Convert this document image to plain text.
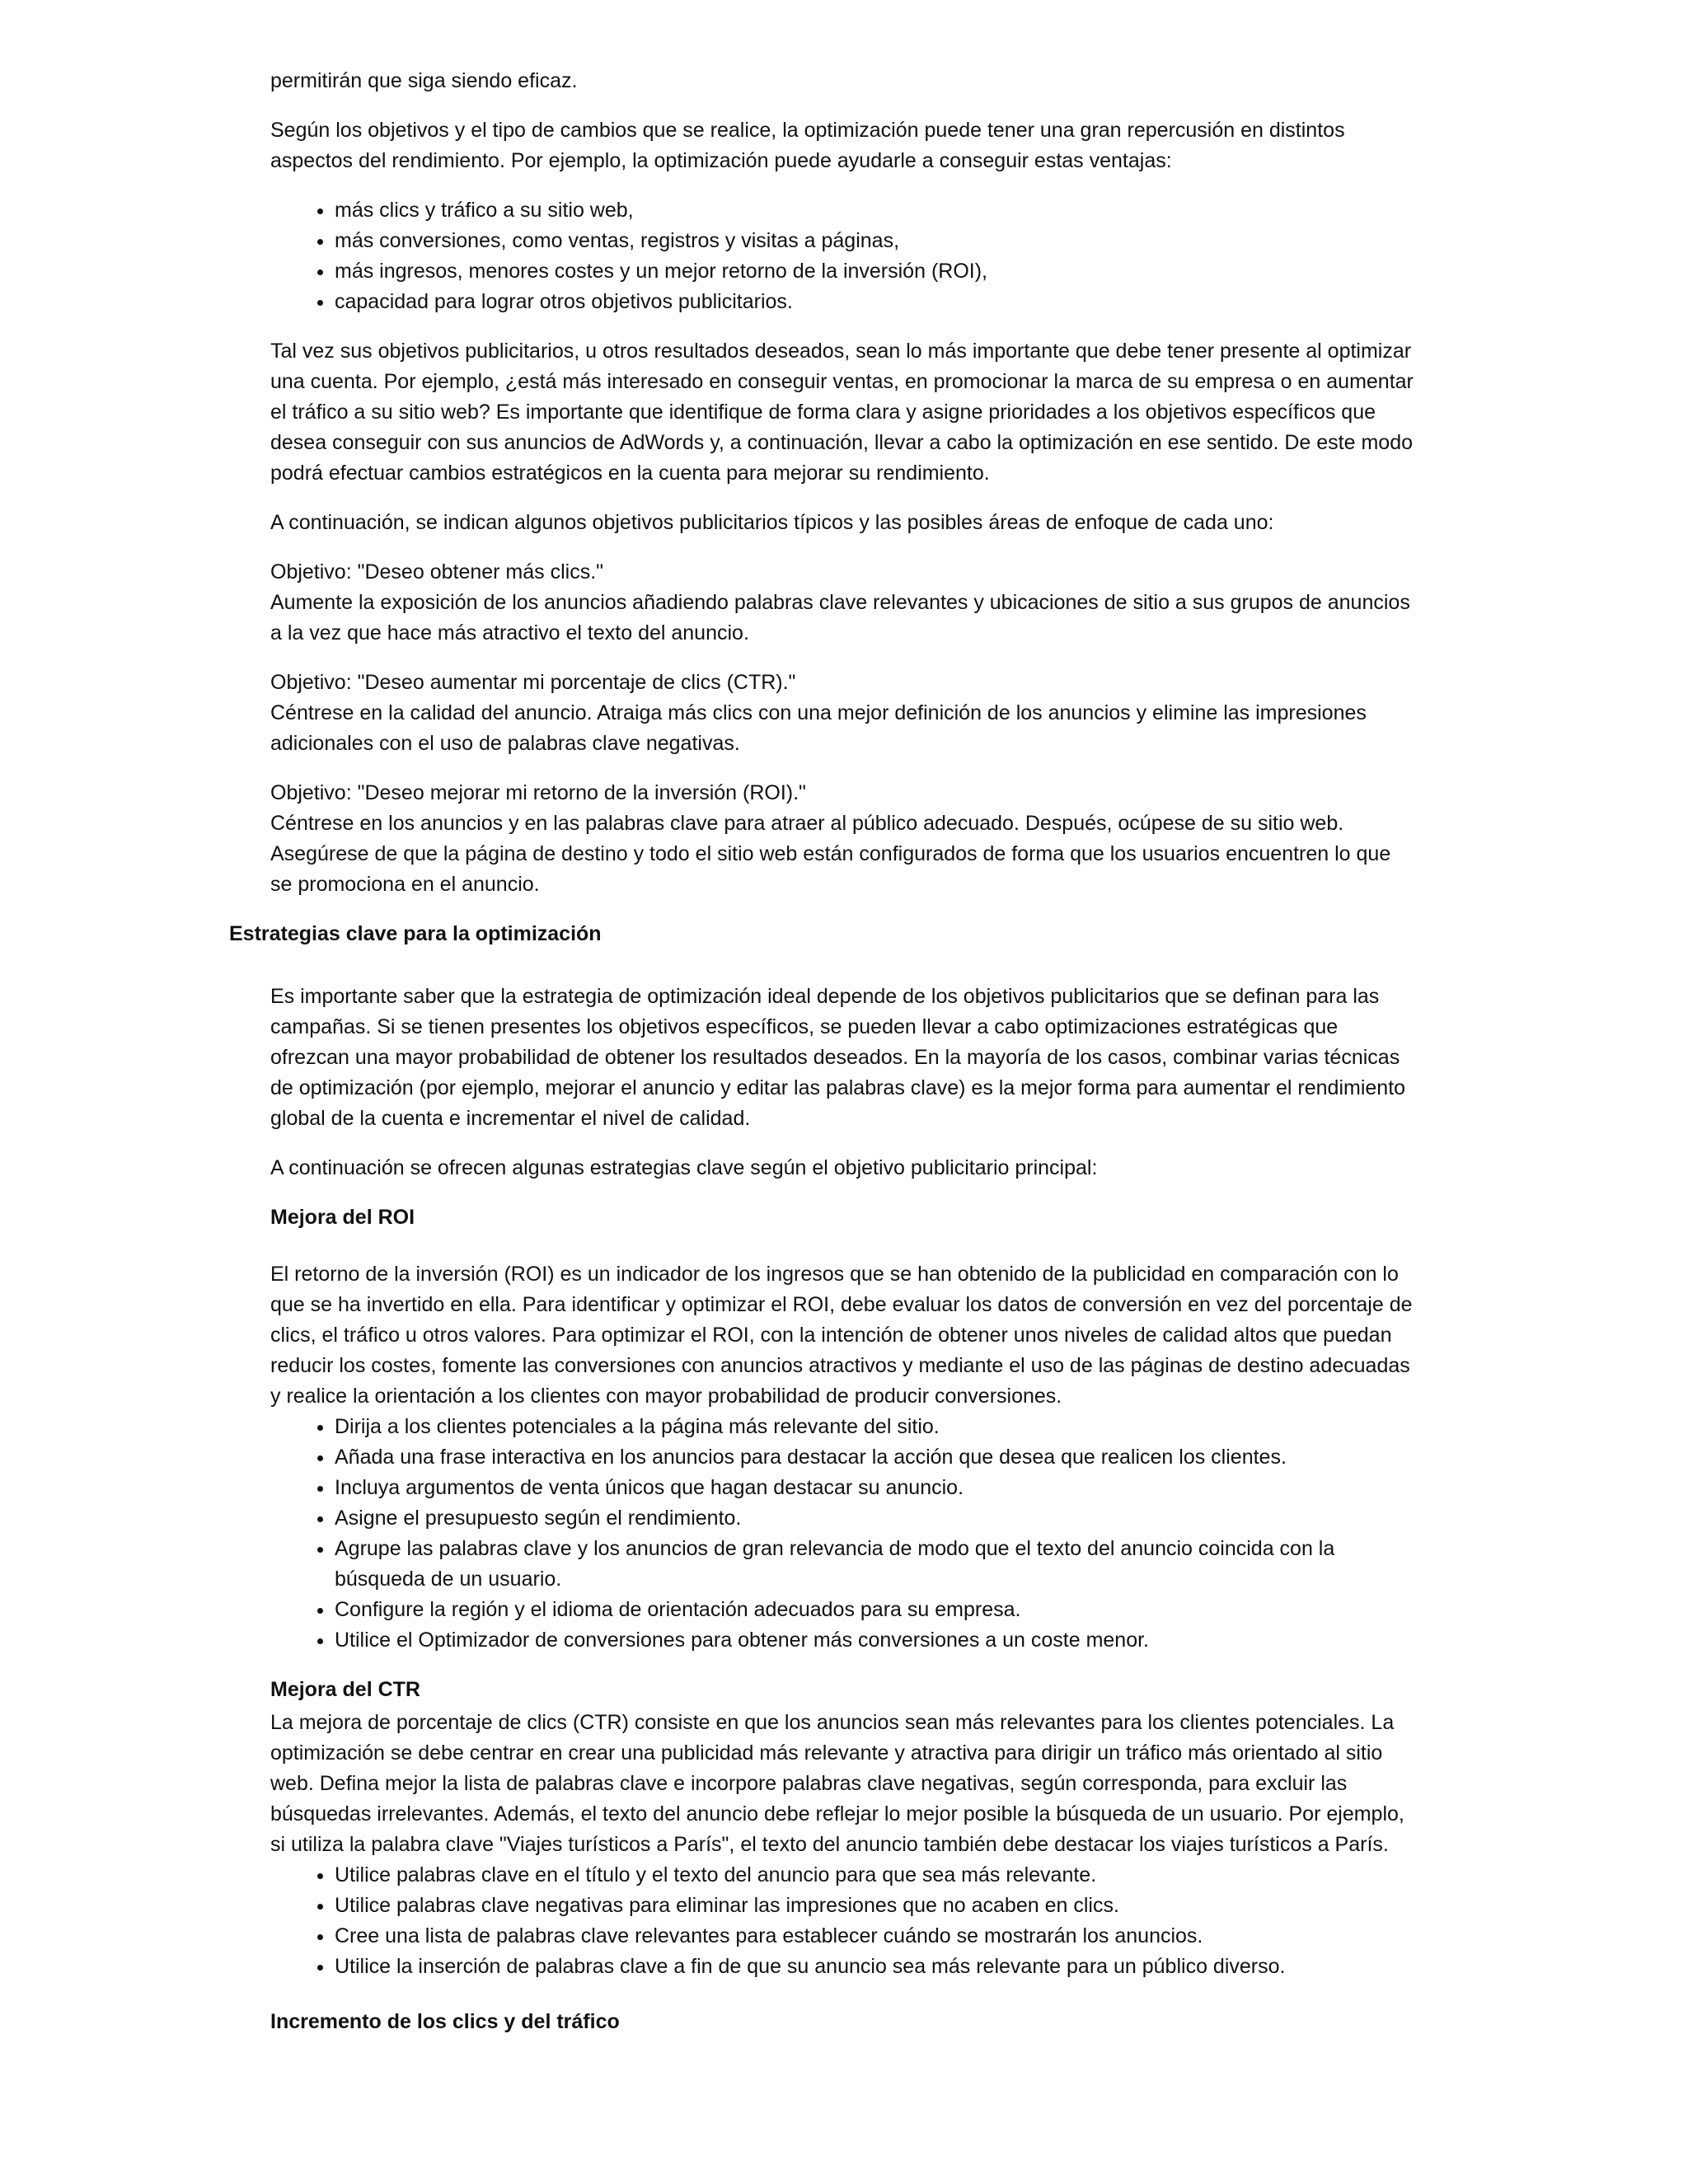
permitirán que siga siendo eficaz.

Según los objetivos y el tipo de cambios que se realice, la optimización puede tener una gran repercusión en distintos aspectos del rendimiento. Por ejemplo, la optimización puede ayudarle a conseguir estas ventajas:

• más clics y tráfico a su sitio web,
• más conversiones, como ventas, registros y visitas a páginas,
• más ingresos, menores costes y un mejor retorno de la inversión (ROI),
• capacidad para lograr otros objetivos publicitarios.

Tal vez sus objetivos publicitarios, u otros resultados deseados, sean lo más importante que debe tener presente al optimizar una cuenta. Por ejemplo, ¿está más interesado en conseguir ventas, en promocionar la marca de su empresa o en aumentar el tráfico a su sitio web? Es importante que identifique de forma clara y asigne prioridades a los objetivos específicos que desea conseguir con sus anuncios de AdWords y, a continuación, llevar a cabo la optimización en ese sentido. De este modo podrá efectuar cambios estratégicos en la cuenta para mejorar su rendimiento.

A continuación, se indican algunos objetivos publicitarios típicos y las posibles áreas de enfoque de cada uno:

Objetivo: "Deseo obtener más clics."
Aumente la exposición de los anuncios añadiendo palabras clave relevantes y ubicaciones de sitio a sus grupos de anuncios a la vez que hace más atractivo el texto del anuncio.

Objetivo: "Deseo aumentar mi porcentaje de clics (CTR)."
Céntrese en la calidad del anuncio. Atraiga más clics con una mejor definición de los anuncios y elimine las impresiones adicionales con el uso de palabras clave negativas.

Objetivo: "Deseo mejorar mi retorno de la inversión (ROI)."
Céntrese en los anuncios y en las palabras clave para atraer al público adecuado. Después, ocúpese de su sitio web. Asegúrese de que la página de destino y todo el sitio web están configurados de forma que los usuarios encuentren lo que se promociona en el anuncio.

Estrategias clave para la optimización

Es importante saber que la estrategia de optimización ideal depende de los objetivos publicitarios que se definan para las campañas. Si se tienen presentes los objetivos específicos, se pueden llevar a cabo optimizaciones estratégicas que ofrezcan una mayor probabilidad de obtener los resultados deseados. En la mayoría de los casos, combinar varias técnicas de optimización (por ejemplo, mejorar el anuncio y editar las palabras clave) es la mejor forma para aumentar el rendimiento global de la cuenta e incrementar el nivel de calidad.

A continuación se ofrecen algunas estrategias clave según el objetivo publicitario principal:

Mejora del ROI

El retorno de la inversión (ROI) es un indicador de los ingresos que se han obtenido de la publicidad en comparación con lo que se ha invertido en ella. Para identificar y optimizar el ROI, debe evaluar los datos de conversión en vez del porcentaje de clics, el tráfico u otros valores. Para optimizar el ROI, con la intención de obtener unos niveles de calidad altos que puedan reducir los costes, fomente las conversiones con anuncios atractivos y mediante el uso de las páginas de destino adecuadas y realice la orientación a los clientes con mayor probabilidad de producir conversiones.

• Dirija a los clientes potenciales a la página más relevante del sitio.
• Añada una frase interactiva en los anuncios para destacar la acción que desea que realicen los clientes.
• Incluya argumentos de venta únicos que hagan destacar su anuncio.
• Asigne el presupuesto según el rendimiento.
• Agrupe las palabras clave y los anuncios de gran relevancia de modo que el texto del anuncio coincida con la búsqueda de un usuario.
• Configure la región y el idioma de orientación adecuados para su empresa.
• Utilice el Optimizador de conversiones para obtener más conversiones a un coste menor.
Mejora del CTR

La mejora de porcentaje de clics (CTR) consiste en que los anuncios sean más relevantes para los clientes potenciales. La optimización se debe centrar en crear una publicidad más relevante y atractiva para dirigir un tráfico más orientado al sitio web. Defina mejor la lista de palabras clave e incorpore palabras clave negativas, según corresponda, para excluir las búsquedas irrelevantes. Además, el texto del anuncio debe reflejar lo mejor posible la búsqueda de un usuario. Por ejemplo, si utiliza la palabra clave "Viajes turísticos a París", el texto del anuncio también debe destacar los viajes turísticos a París.

• Utilice palabras clave en el título y el texto del anuncio para que sea más relevante.
• Utilice palabras clave negativas para eliminar las impresiones que no acaben en clics.
• Cree una lista de palabras clave relevantes para establecer cuándo se mostrarán los anuncios.
• Utilice la inserción de palabras clave a fin de que su anuncio sea más relevante para un público diverso.
Incremento de los clics y del tráfico
